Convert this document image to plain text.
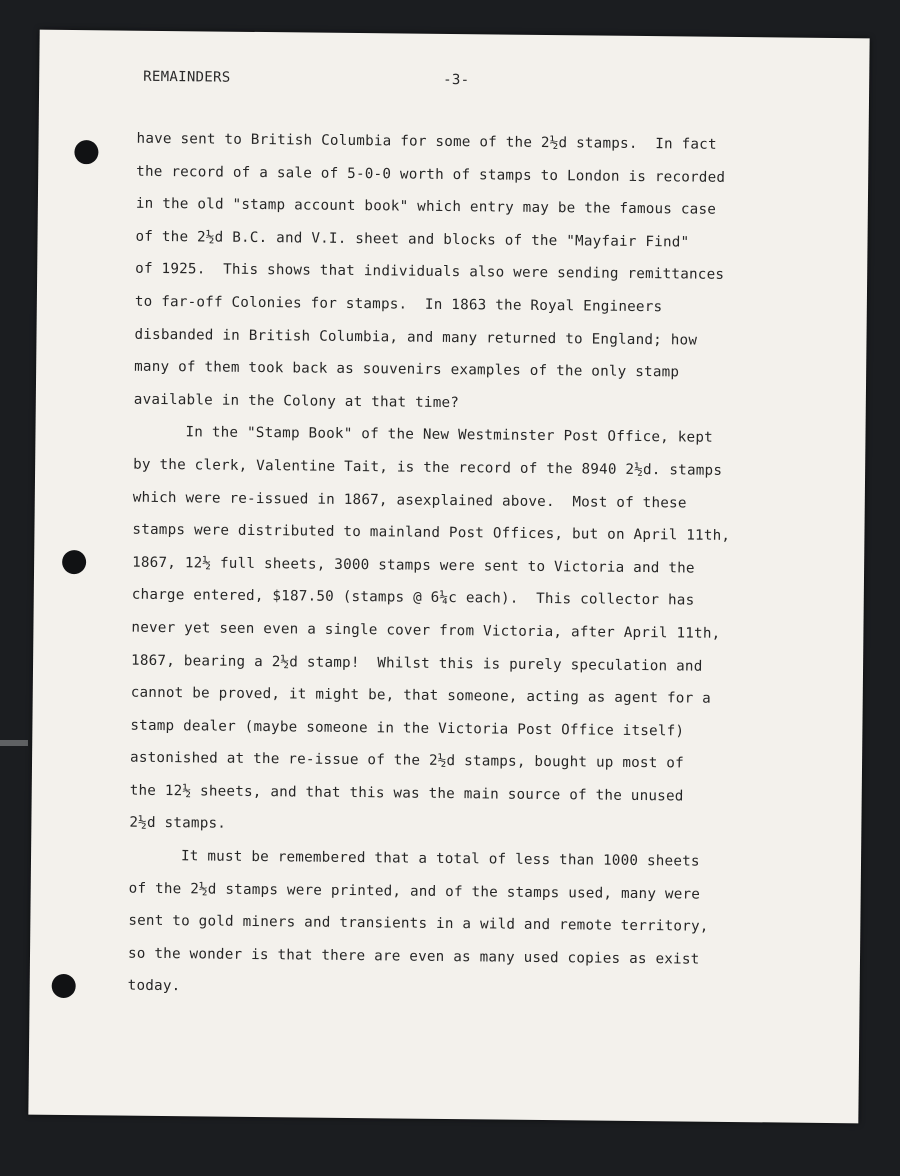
REMAINDERS	-3-
have sent to British Columbia for some of the 2½d stamps.  In fact
the record of a sale of 5-0-0 worth of stamps to London is recorded
in the old "stamp account book" which entry may be the famous case
of the 2½d B.C. and V.I. sheet and blocks of the "Mayfair Find"
of 1925.  This shows that individuals also were sending remittances
to far-off Colonies for stamps.  In 1863 the Royal Engineers
disbanded in British Columbia, and many returned to England; how
many of them took back as souvenirs examples of the only stamp
available in the Colony at that time?
In the "Stamp Book" of the New Westminster Post Office, kept
by the clerk, Valentine Tait, is the record of the 8940 2½d. stamps
which were re-issued in 1867, asexplained above.  Most of these
stamps were distributed to mainland Post Offices, but on April 11th,
1867, 12½ full sheets, 3000 stamps were sent to Victoria and the
charge entered, $187.50 (stamps @ 6¼c each).  This collector has
never yet seen even a single cover from Victoria, after April 11th,
1867, bearing a 2½d stamp!  Whilst this is purely speculation and
cannot be proved, it might be, that someone, acting as agent for a
stamp dealer (maybe someone in the Victoria Post Office itself)
astonished at the re-issue of the 2½d stamps, bought up most of
the 12½ sheets, and that this was the main source of the unused
2½d stamps.
It must be remembered that a total of less than 1000 sheets
of the 2½d stamps were printed, and of the stamps used, many were
sent to gold miners and transients in a wild and remote territory,
so the wonder is that there are even as many used copies as exist
today.
